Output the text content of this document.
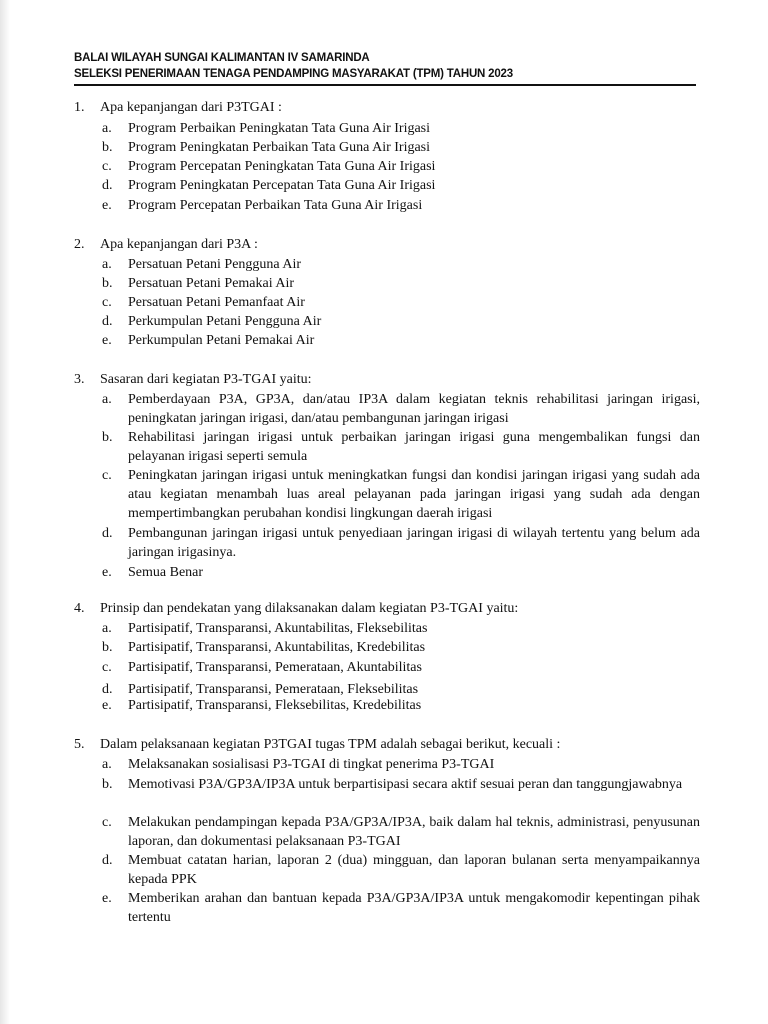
BALAI WILAYAH SUNGAI KALIMANTAN IV SAMARINDA
SELEKSI PENERIMAAN TENAGA PENDAMPING MASYARAKAT (TPM) TAHUN 2023
1. Apa kepanjangan dari P3TGAI :
a. Program Perbaikan Peningkatan Tata Guna Air Irigasi
b. Program Peningkatan Perbaikan Tata Guna Air Irigasi
c. Program Percepatan Peningkatan Tata Guna Air Irigasi
d. Program Peningkatan Percepatan Tata Guna Air Irigasi
e. Program Percepatan Perbaikan Tata Guna Air Irigasi
2. Apa kepanjangan dari P3A :
a. Persatuan Petani Pengguna Air
b. Persatuan Petani Pemakai Air
c. Persatuan Petani Pemanfaat Air
d. Perkumpulan Petani Pengguna Air
e. Perkumpulan Petani Pemakai Air
3. Sasaran dari kegiatan P3-TGAI yaitu:
a. Pemberdayaan P3A, GP3A, dan/atau IP3A dalam kegiatan teknis rehabilitasi jaringan irigasi, peningkatan jaringan irigasi, dan/atau pembangunan jaringan irigasi
b. Rehabilitasi jaringan irigasi untuk perbaikan jaringan irigasi guna mengembalikan fungsi dan pelayanan irigasi seperti semula
c. Peningkatan jaringan irigasi untuk meningkatkan fungsi dan kondisi jaringan irigasi yang sudah ada atau kegiatan menambah luas areal pelayanan pada jaringan irigasi yang sudah ada dengan mempertimbangkan perubahan kondisi lingkungan daerah irigasi
d. Pembangunan jaringan irigasi untuk penyediaan jaringan irigasi di wilayah tertentu yang belum ada jaringan irigasinya.
e. Semua Benar
4. Prinsip dan pendekatan yang dilaksanakan dalam kegiatan P3-TGAI yaitu:
a. Partisipatif, Transparansi, Akuntabilitas, Fleksebilitas
b. Partisipatif, Transparansi, Akuntabilitas, Kredebilitas
c. Partisipatif, Transparansi, Pemerataan, Akuntabilitas
d. Partisipatif, Transparansi, Pemerataan, Fleksebilitas
e. Partisipatif, Transparansi, Fleksebilitas, Kredebilitas
5. Dalam pelaksanaan kegiatan P3TGAI tugas TPM adalah sebagai berikut, kecuali :
a. Melaksanakan sosialisasi P3-TGAI di tingkat penerima P3-TGAI
b. Memotivasi P3A/GP3A/IP3A untuk berpartisipasi secara aktif sesuai peran dan tanggungjawabnya
c. Melakukan pendampingan kepada P3A/GP3A/IP3A, baik dalam hal teknis, administrasi, penyusunan laporan, dan dokumentasi pelaksanaan P3-TGAI
d. Membuat catatan harian, laporan 2 (dua) mingguan, dan laporan bulanan serta menyampaikannya kepada PPK
e. Memberikan arahan dan bantuan kepada P3A/GP3A/IP3A untuk mengakomodir kepentingan pihak tertentu
